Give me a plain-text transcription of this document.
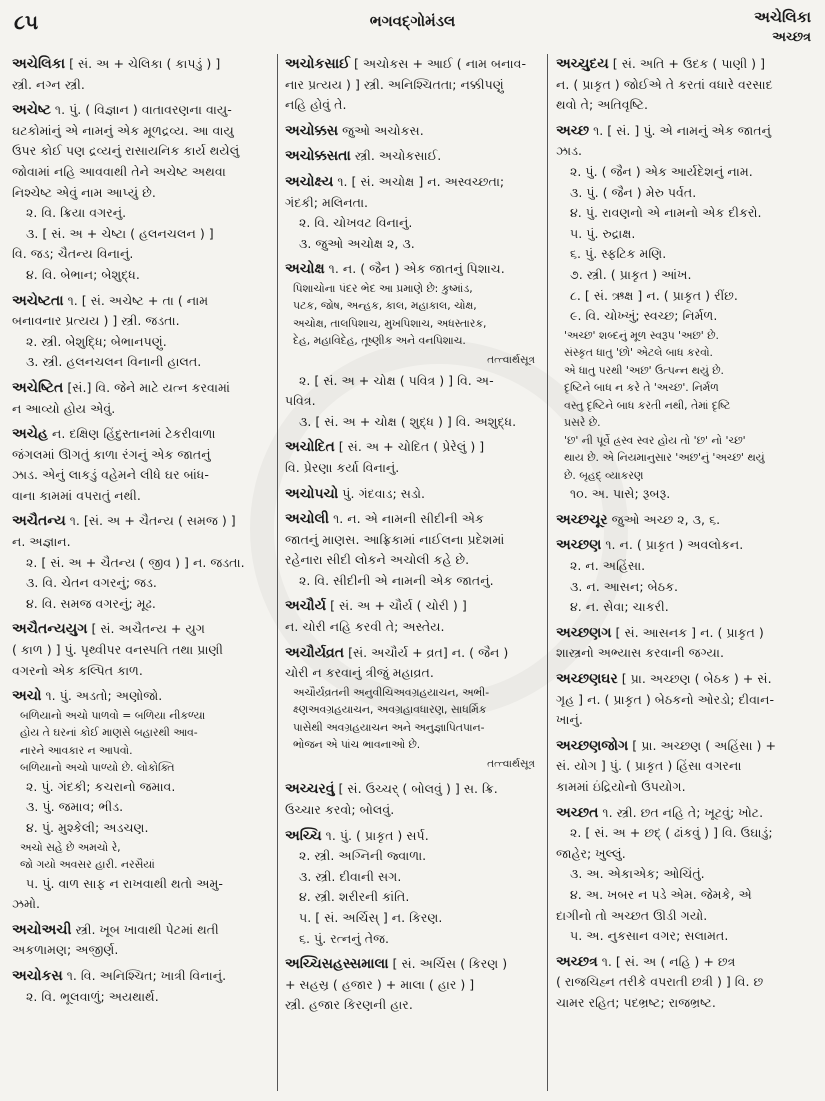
૮૫	ભગવદ્ગોમંડલ	અચેલિકા
અચ્છત્ર
અચેલિકા [ સં. અ + ચેલિકા ( કાપડું ) ]
સ્ત્રી. નગ્ન સ્ત્રી.
અચેષ્ટ ૧. પું. ( વિજ્ઞાન ) વાતાવરણના વાયુ-
ઘટકોમાંનું એ નામનું એક મૂળદ્રવ્ય. આ વાયુ
ઉપર કોઈ પણ દ્રવ્યનું રાસાયનિક કાર્ય થયેલું
જોવામાં નહિ આવવાથી તેને અચેષ્ટ અથવા
નિશ્ચેષ્ટ એવું નામ આપ્યું છે.
૨. વિ. ક્રિયા વગરનું.
૩. [ સં. અ + ચેષ્ટા ( હલનચલન ) ]
વિ. જડ; ચૈતન્ય વિનાનું.
૪. વિ. બેભાન; બેશુદ્ધ.
અચેષ્ટતા ૧. [ સં. અચેષ્ટ + તા ( નામ
બનાવનાર પ્રત્યય ) ] સ્ત્રી. જડતા.
૨. સ્ત્રી. બેશુદ્ધિ; બેભાનપણું.
૩. સ્ત્રી. હલનચલન વિનાની હાલત.
અચેષ્ટિત [સં.] વિ. જેને માટે યત્ન કરવામાં
ન આવ્યો હોય એવું.
અચેહ ન. દક્ષિણ હિંદુસ્તાનમાં ટેકરીવાળા
જંગલમાં ઊગતું કાળા રંગનું એક જાતનું
ઝાડ. એનું લાકડું વહેમને લીધે ઘર બાંધ-
વાના કામમાં વપરાતું નથી.
અચૈતન્ય ૧. [સં. અ + ચૈતન્ય ( સમજ ) ]
ન. અજ્ઞાન.
૨. [ સં. અ + ચૈતન્ય ( જીવ ) ] ન. જડતા.
૩. વિ. ચેતન વગરનું; જડ.
૪. વિ. સમજ વગરનું; મૂઢ.
અચૈતન્યયુગ [ સં. અચૈતન્ય + યુગ
( કાળ ) ] પું. પૃથ્વીપર વનસ્પતિ તથા પ્રાણી
વગરનો એક કલ્પિત કાળ.
અચો ૧. પું. અડતો; અણોજો.
બળિયાનો અચો પાળવો = બળિયા નીકળ્યા
હોય તે ઘરનાં કોઈ માણસે બહારથી આવ-
નારને આવકાર ન આપવો.
બળિયાનો અચો પાળ્યો છે. લોકોક્તિ
૨. પું. ગંદકી; કચરાનો જમાવ.
૩. પું. જમાવ; ભીડ.
૪. પું. મુશ્કેલી; અડચણ.
અચો સહે છે અમચો રે,
જો ગયો અવસર હારી. નરસૈયાં
૫. પું. વાળ સાફ ન રાખવાથી થતો અમુ-
ઝમો.
અચોઅચી સ્ત્રી. ખૂબ ખાવાથી પેટમાં થતી
અકળામણ; અજીર્ણ.
અચોકસ ૧. વિ. અનિશ્ચિત; ખાત્રી વિનાનું.
૨. વિ. ભૂલવાળું; અયથાર્થ.
અચોકસાઈ [ અચોકસ + આઈ ( નામ બનાવ-
નાર પ્રત્યય ) ] સ્ત્રી. અનિશ્ચિતતા; નક્કીપણું
નહિ હોવું તે.
અચોક્કસ જુઓ અચોકસ.
અચોક્કસતા સ્ત્રી. અચોકસાઈ.
અચોક્ષ્ય ૧. [ સં. અચોક્ષ ] ન. અસ્વચ્છતા;
ગંદકી; મલિનતા.
૨. વિ. ચોખવટ વિનાનું.
૩. જુઓ અચોક્ષ ૨, ૩.
અચોક્ષ ૧. ન. ( જૈન ) એક જાતનું પિશાચ.
પિશાચોના પંદર ભેદ આ પ્રમાણે છે: કુષ્માંડ,
પટક, જોષ, અન્હક, કાલ, મહાકાલ, ચોક્ષ,
અચોક્ષ, તાલપિશાચ, મુખપિશાચ, અધસ્તારક,
દેહ, મહાવિદેહ, તૂષ્ણીક અને વનપિશાચ.
તત્ત્વાર્થસૂત્ર
૨. [ સં. અ + ચોક્ષ ( પવિત્ર ) ] વિ. અ-
પવિત્ર.
૩. [ સં. અ + ચોક્ષ ( શુદ્ધ ) ] વિ. અશુદ્ધ.
અચોદિત [ સં. અ + ચોદિત ( પ્રેરેલું ) ]
વિ. પ્રેરણા કર્યા વિનાનું.
અચોપચો પું. ગંદવાડ; સડો.
અચોલી ૧. ન. એ નામની સીદીની એક
જાતનું માણસ. આફ્રિકામાં નાઈલના પ્રદેશમાં
રહેનારા સીદી લોકને અચોલી કહે છે.
૨. વિ. સીદીની એ નામની એક જાતનું.
અચૌર્ય [ સં. અ + ચૌર્ય ( ચોરી ) ]
ન. ચોરી નહિ કરવી તે; અસ્તેય.
અચૌર્યવ્રત [સં. અચૌર્ય + વ્રત] ન. ( જૈન )
ચોરી ન કરવાનું ત્રીજું મહાવ્રત.
અચૌર્યવ્રતની અનુવીચિઅવગ્રહયાચન, અભી-
ક્ષ્ણઅવગ્રહયાચન, અવગ્રહાવધારણ, સાધર્મિક
પાસેથી અવગ્રહયાચન અને અનુજ્ઞાપિતપાન-
ભોજન એ પાંચ ભાવનાઓ છે.
તત્ત્વાર્થસૂત્ર
અચ્ચરવું [ સં. ઉચ્ચર્ ( બોલવું ) ] સ. ક્રિ.
ઉચ્ચાર કરવો; બોલવું.
અચ્ચિ ૧. પું. ( પ્રાકૃત ) સર્પ.
૨. સ્ત્રી. અગ્નિની જ્વાળા.
૩. સ્ત્રી. દીવાની સગ.
૪. સ્ત્રી. શરીરની કાંતિ.
૫. [ સં. અર્ચિસ્ ] ન. કિરણ.
૬. પું. રત્નનું તેજ.
અચ્ચિસહસ્સમાલા [ સં. અર્ચિસ ( કિરણ )
+ સહસ્ર ( હજાર ) + માલા ( હાર ) ]
સ્ત્રી. હજાર કિરણની હાર.
અચ્ચુદય [ સં. અતિ + ઉદક ( પાણી ) ]
ન. ( પ્રાકૃત ) જોઈએ તે કરતાં વધારે વરસાદ
થવો તે; અતિવૃષ્ટિ.
અચ્છ ૧. [ સં. ] પું. એ નામનું એક જાતનું
ઝાડ.
૨. પું. ( જૈન ) એક આર્યદેશનું નામ.
૩. પું. ( જૈન ) મેરુ પર્વત.
૪. પું. રાવણનો એ નામનો એક દીકરો.
૫. પું. રુદ્રાક્ષ.
૬. પું. સ્ફટિક મણિ.
૭. સ્ત્રી. ( પ્રાકૃત ) આંખ.
૮. [ સં. ઋક્ષ ] ન. ( પ્રાકૃત ) રીંછ.
૯. વિ. ચોખ્ખું; સ્વચ્છ; નિર્મળ.
'અચ્છ' શબ્દનું મૂળ સ્વરૂપ 'અછ' છે.
સંસ્કૃત ધાતુ 'છો' એટલે બાધ કરવો.
એ ધાતુ પરથી 'અછ' ઉત્પન્ન થયું છે.
દૃષ્ટિને બાધ ન કરે તે 'અચ્છ'. નિર્મળ
વસ્તુ દૃષ્ટિને બાધ કરતી નથી, તેમાં દૃષ્ટિ
પ્રસરે છે.
'છ' ની પૂર્વે હ્રસ્વ સ્વર હોય તો 'છ' નો 'ચ્છ'
થાય છે. એ નિયમાનુસાર 'અછ'નું 'અચ્છ' થયું
છે. બૃહદ્ વ્યાકરણ
૧૦. અ. પાસે; રૂબરૂ.
અચ્છચૂર જુઓ અચ્છ ૨, ૩, ૬.
અચ્છણ ૧. ન. ( પ્રાકૃત ) અવલોકન.
૨. ન. અહિંસા.
૩. ન. આસન; બેઠક.
૪. ન. સેવા; ચાકરી.
અચ્છણગ [ સં. આસનક ] ન. ( પ્રાકૃત )
શાસ્ત્રનો અભ્યાસ કરવાની જગ્યા.
અચ્છણઘર [ પ્રા. અચ્છણ ( બેઠક ) + સં.
ગૃહ ] ન. ( પ્રાકૃત ) બેઠકનો ઓરડો; દીવાન-
ખાનું.
અચ્છણજોગ [ પ્રા. અચ્છણ ( અહિંસા ) +
સં. યોગ ] પું. ( પ્રાકૃત ) હિંસા વગરના
કામમાં ઇંદ્રિયોનો ઉપયોગ.
અચ્છત ૧. સ્ત્રી. છત નહિ તે; ખૂટવું; ખોટ.
૨. [ સં. અ + છદ્ ( ઢાંકવું ) ] વિ. ઉઘાડું;
જાહેર; ખુલ્લું.
૩. અ. એકાએક; ઓચિંતું.
૪. અ. ખબર ન પડે એમ. જેમકે, એ
દાગીનો તો અચ્છત ઊડી ગયો.
૫. અ. નુકસાન વગર; સલામત.
અચ્છત્ર ૧. [ સં. અ ( નહિ ) + છત્ર
( રાજચિહ્ન તરીકે વપરાતી છત્રી ) ] વિ. છ
ચામર રહિત; પદભ્રષ્ટ; રાજભ્રષ્ટ.
